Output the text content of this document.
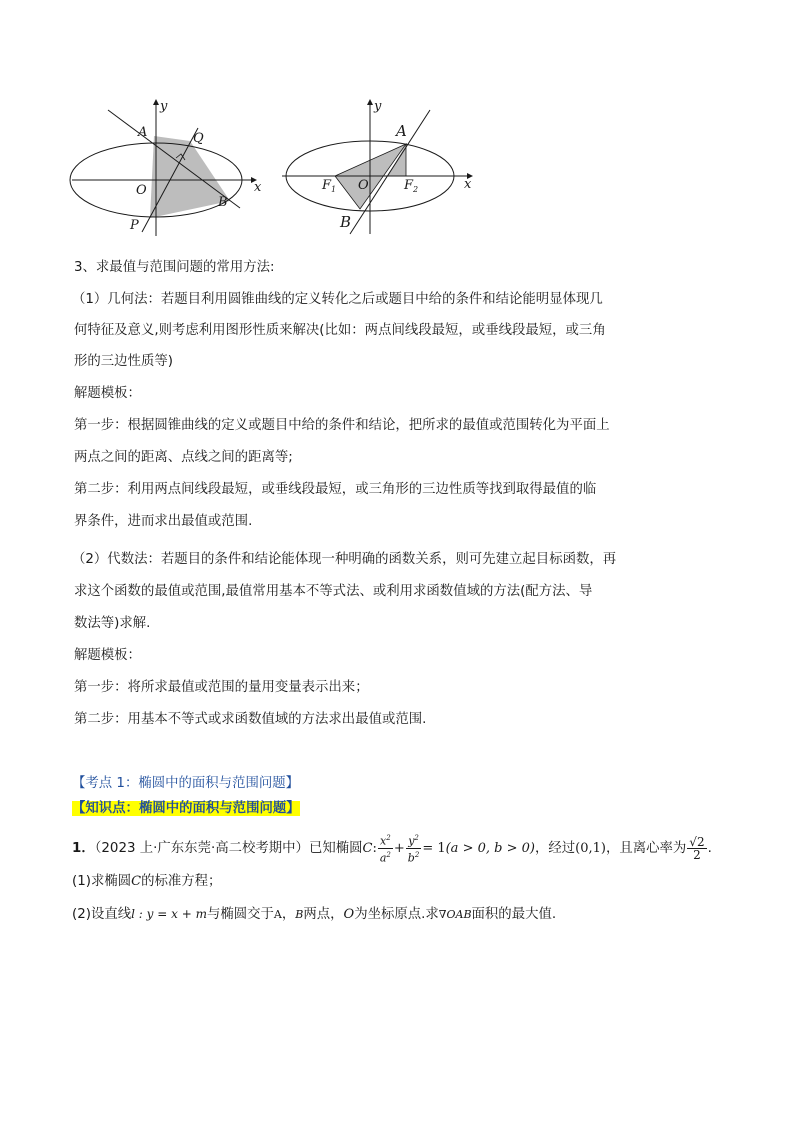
y
x
O
A	Q
B
P
y
x
O
A
B
$F_1$	$F_2$
3、求最值与范围问题的常用方法:
（1）几何法：若题目利用圆锥曲线的定义转化之后或题目中给的条件和结论能明显体现几
何特征及意义,则考虑利用图形性质来解决(比如：两点间线段最短，或垂线段最短，或三角
形的三边性质等)
解题模板：
第一步：根据圆锥曲线的定义或题目中给的条件和结论，把所求的最值或范围转化为平面上
两点之间的距离、点线之间的距离等;
第二步：利用两点间线段最短，或垂线段最短，或三角形的三边性质等找到取得最值的临
界条件，进而求出最值或范围.
（2）代数法：若题目的条件和结论能体现一种明确的函数关系，则可先建立起目标函数，再
求这个函数的最值或范围,最值常用基本不等式法、或利用求函数值域的方法(配方法、导
数法等)求解.
解题模板：
第一步：将所求最值或范围的量用变量表示出来；
第二步：用基本不等式或求函数值域的方法求出最值或范围.
【考点 1：椭圆中的面积与范围问题】
【知识点：椭圆中的面积与范围问题】
1．（2023 上·广东东莞·高二校考期中）已知椭圆C: $\frac{x^2}{a^2} + \frac{y^2}{b^2} = 1(a > 0$, b > 0)，经过(0,1)，且离心率为 $\frac{√2}{2}$ .
(1)求椭圆C的标准方程；
(2)设直线l : y = x + m与椭圆交于A，B两点，O为坐标原点.求∇OAB面积的最大值.
